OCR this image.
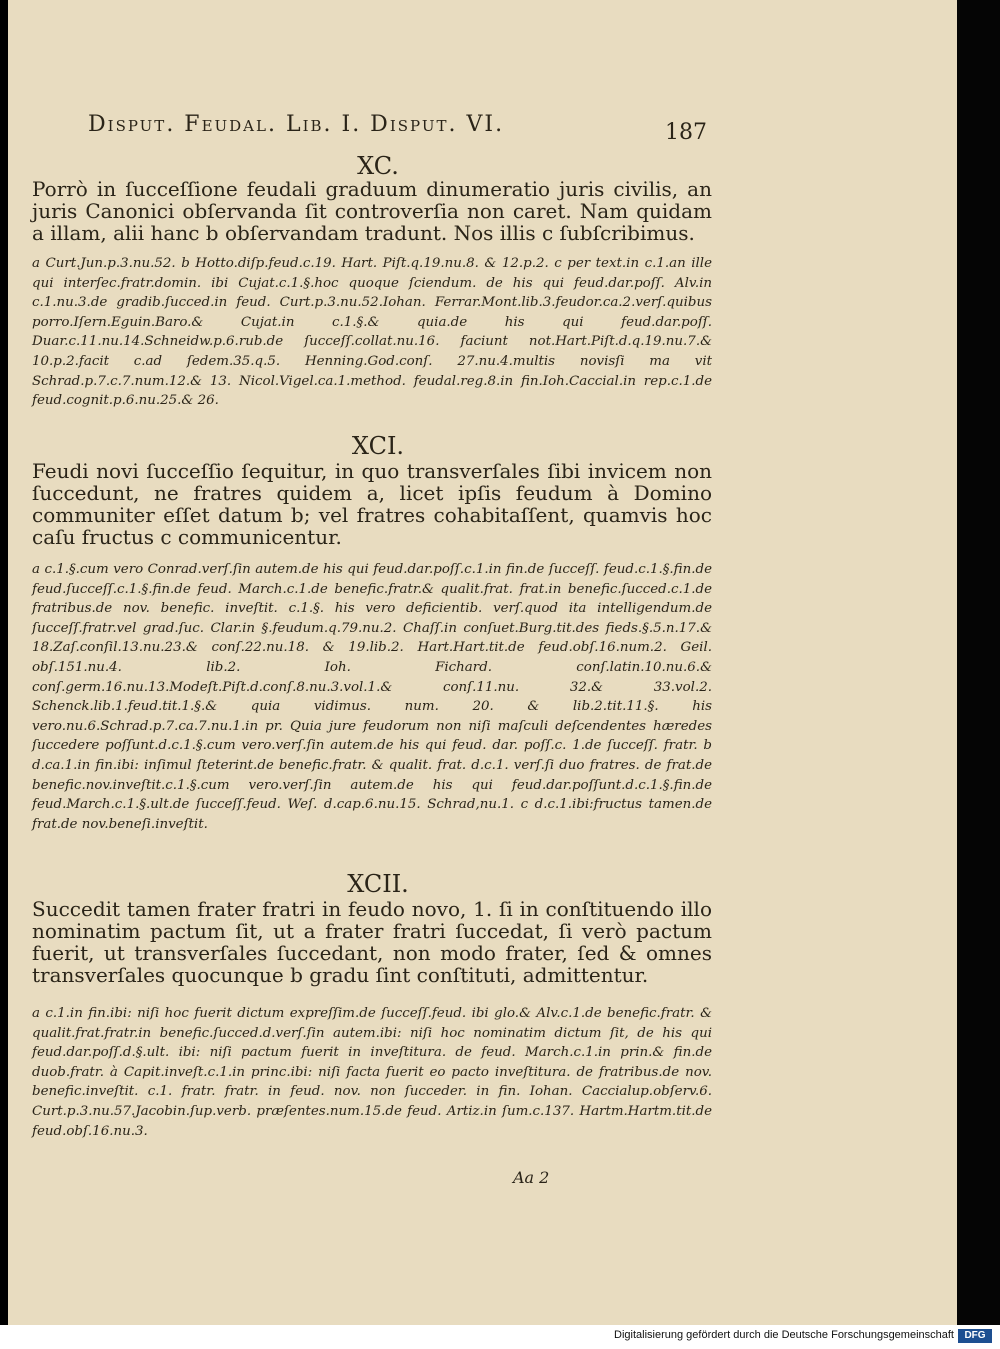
Disput. Feudal. Lib. I. Disput. VI.	187
XC.
Porrò in ſucceſſione feudali graduum dinumeratio juris civilis, an juris Canonici obſervanda ſit controverſia non caret. Nam quidam a illam, alii hanc b obſervandam tradunt. Nos illis c ſubſcribimus.
a Curt.Jun.p.3.nu.52. b Hotto.diſp.feud.c.19. Hart. Piſt.q.19.nu.8. & 12.p.2. c per text.in c.1.an ille qui interſec.fratr.domin. ibi Cujat.c.1.§.hoc quoque ſciendum. de his qui feud.dar.poſſ. Alv.in c.1.nu.3.de gradib.ſucced.in feud. Curt.p.3.nu.52.Iohan. Ferrar.Mont.lib.3.feudor.ca.2.verſ.quibus porro.Iſern.Eguin.Baro.& Cujat.in c.1.§.& quia.de his qui feud.dar.poſſ. Duar.c.11.nu.14.Schneidw.p.6.rub.de ſucceſſ.collat.nu.16. faciunt not.Hart.Piſt.d.q.19.nu.7.& 10.p.2.facit c.ad ſedem.35.q.5. Henning.God.conſ. 27.nu.4.multis novisſi ma vit Schrad.p.7.c.7.num.12.& 13. Nicol.Vigel.ca.1.method. feudal.reg.8.in fin.Ioh.Caccial.in rep.c.1.de feud.cognit.p.6.nu.25.& 26.
XCI.
Feudi novi ſucceſſio ſequitur, in quo transverſales ſibi invicem non ſuccedunt, ne fratres quidem a, licet ipſis feudum à Domino communiter eſſet datum b; vel fratres cohabitaſſent, quamvis hoc caſu fructus c communicentur.
a c.1.§.cum vero Conrad.verſ.ſin autem.de his qui feud.dar.poſſ.c.1.in fin.de ſucceſſ. feud.c.1.§.fin.de feud.ſucceſſ.c.1.§.fin.de feud. March.c.1.de benefic.fratr.& qualit.frat. frat.in benefic.ſucced.c.1.de fratribus.de nov. benefic. inveſtit. c.1.§. his vero deficientib. verſ.quod ita intelligendum.de ſucceſſ.fratr.vel grad.ſuc. Clar.in §.feudum.q.79.nu.2. Chaſſ.in conſuet.Burg.tit.des fieds.§.5.n.17.& 18.Zaſ.conſil.13.nu.23.& conſ.22.nu.18. & 19.lib.2. Hart.Hart.tit.de feud.obſ.16.num.2. Geil. obſ.151.nu.4. lib.2. Ioh. Fichard. conſ.latin.10.nu.6.& conſ.germ.16.nu.13.Modeſt.Piſt.d.conſ.8.nu.3.vol.1.& conſ.11.nu. 32.& 33.vol.2. Schenck.lib.1.feud.tit.1.§.& quia vidimus. num. 20. & lib.2.tit.11.§. his vero.nu.6.Schrad.p.7.ca.7.nu.1.in pr. Quia jure feudorum non niſi maſculi deſcendentes hæredes ſuccedere poſſunt.d.c.1.§.cum vero.verſ.ſin autem.de his qui feud. dar. poſſ.c. 1.de ſucceſſ. fratr. b d.ca.1.in fin.ibi: inſimul ſteterint.de benefic.fratr. & qualit. frat. d.c.1. verſ.ſi duo fratres. de frat.de benefic.nov.inveſtit.c.1.§.cum vero.verſ.ſin autem.de his qui feud.dar.poſſunt.d.c.1.§.fin.de feud.March.c.1.§.ult.de ſucceſſ.feud. Weſ. d.cap.6.nu.15. Schrad,nu.1. c d.c.1.ibi:fructus tamen.de frat.de nov.beneſi.inveſtit.
XCII.
Succedit tamen frater fratri in feudo novo, 1. ſi in conſtituendo illo nominatim pactum ſit, ut a frater fratri ſuccedat, ſi verò pactum fuerit, ut transverſales ſuccedant, non modo frater, ſed & omnes transverſales quocunque b gradu ſint conſtituti, admittentur.
a c.1.in fin.ibi: niſi hoc fuerit dictum expreſſim.de ſucceſſ.feud. ibi glo.& Alv.c.1.de benefic.fratr. & qualit.frat.fratr.in benefic.ſucced.d.verſ.ſin autem.ibi: niſi hoc nominatim dictum ſit, de his qui feud.dar.poſſ.d.§.ult. ibi: niſi pactum fuerit in inveſtitura. de feud. March.c.1.in prin.& fin.de duob.fratr. à Capit.inveſt.c.1.in princ.ibi: niſi facta fuerit eo pacto inveſtitura. de fratribus.de nov. benefic.inveſtit. c.1. fratr. fratr. in feud. nov. non ſucceder. in fin. Iohan. Caccialup.obſerv.6. Curt.p.3.nu.57.Jacobin.ſup.verb. præſentes.num.15.de feud. Artiz.in ſum.c.137. Hartm.Hartm.tit.de feud.obſ.16.nu.3.
Aa 2
Digitalisierung gefördert durch die Deutsche Forschungsgemeinschaft	DFG
